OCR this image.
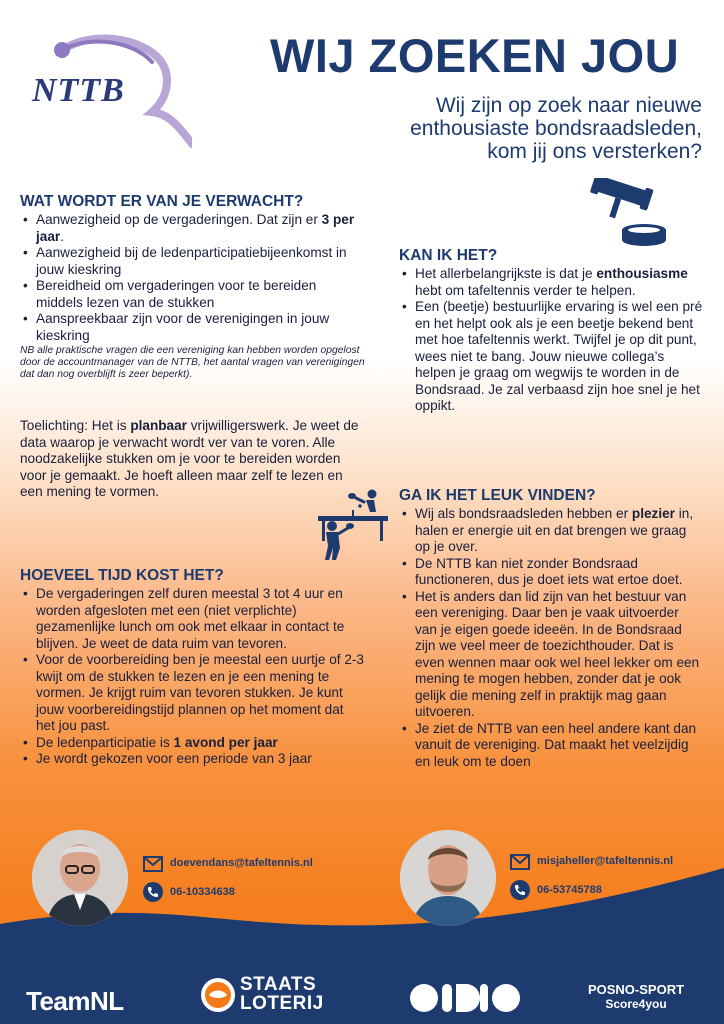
NTTB
WIJ ZOEKEN JOU
Wij zijn op zoek naar nieuwe
enthousiaste bondsraadsleden,
kom jij ons versterken?
WAT WORDT ER VAN JE VERWACHT?
• Aanwezigheid op de vergaderingen. Dat zijn er 3 per jaar.
• Aanwezigheid bij de ledenparticipatiebijeenkomst in jouw kieskring
• Bereidheid om vergaderingen voor te bereiden middels lezen van de stukken
• Aanspreekbaar zijn voor de verenigingen in jouw kieskring
NB alle praktische vragen die een vereniging kan hebben worden opgelost door de accountmanager van de NTTB, het aantal vragen van verenigingen dat dan nog overblijft is zeer beperkt).
Toelichting: Het is planbaar vrijwilligerswerk. Je weet de data waarop je verwacht wordt ver van te voren. Alle noodzakelijke stukken om je voor te bereiden worden voor je gemaakt. Je hoeft alleen maar zelf te lezen en een mening te vormen.
HOEVEEL TIJD KOST HET?
• De vergaderingen zelf duren meestal 3 tot 4 uur en worden afgesloten met een (niet verplichte) gezamenlijke lunch om ook met elkaar in contact te blijven. Je weet de data ruim van tevoren.
• Voor de voorbereiding ben je meestal een uurtje of 2-3 kwijt om de stukken te lezen en je een mening te vormen. Je krijgt ruim van tevoren stukken. Je kunt jouw voorbereidingstijd plannen op het moment dat het jou past.
• De ledenparticipatie is 1 avond per jaar
• Je wordt gekozen voor een periode van 3 jaar
KAN IK HET?
• Het allerbelangrijkste is dat je enthousiasme hebt om tafeltennis verder te helpen.
• Een (beetje) bestuurlijke ervaring is wel een pré en het helpt ook als je een beetje bekend bent met hoe tafeltennis werkt. Twijfel je op dit punt, wees niet te bang. Jouw nieuwe collega’s helpen je graag om wegwijs te worden in de Bondsraad. Je zal verbaasd zijn hoe snel je het oppikt.
GA IK HET LEUK VINDEN?
• Wij als bondsraadsleden hebben er plezier in, halen er energie uit en dat brengen we graag op je over.
• De NTTB kan niet zonder Bondsraad functioneren, dus je doet iets wat ertoe doet.
• Het is anders dan lid zijn van het bestuur van een vereniging. Daar ben je vaak uitvoerder van je eigen goede ideeën. In de Bondsraad zijn we veel meer de toezichthouder. Dat is even wennen maar ook wel heel lekker om een mening te mogen hebben, zonder dat je ook gelijk die mening zelf in praktijk mag gaan uitvoeren.
• Je ziet de NTTB van een heel andere kant dan vanuit de vereniging. Dat maakt het veelzijdig en leuk om te doen
doevendans@tafeltennis.nl
06-10334638
misjaheller@tafeltennis.nl
06-53745788
TeamNL
STAATS
LOTERIJ
POSNO-SPORT
Score4you
